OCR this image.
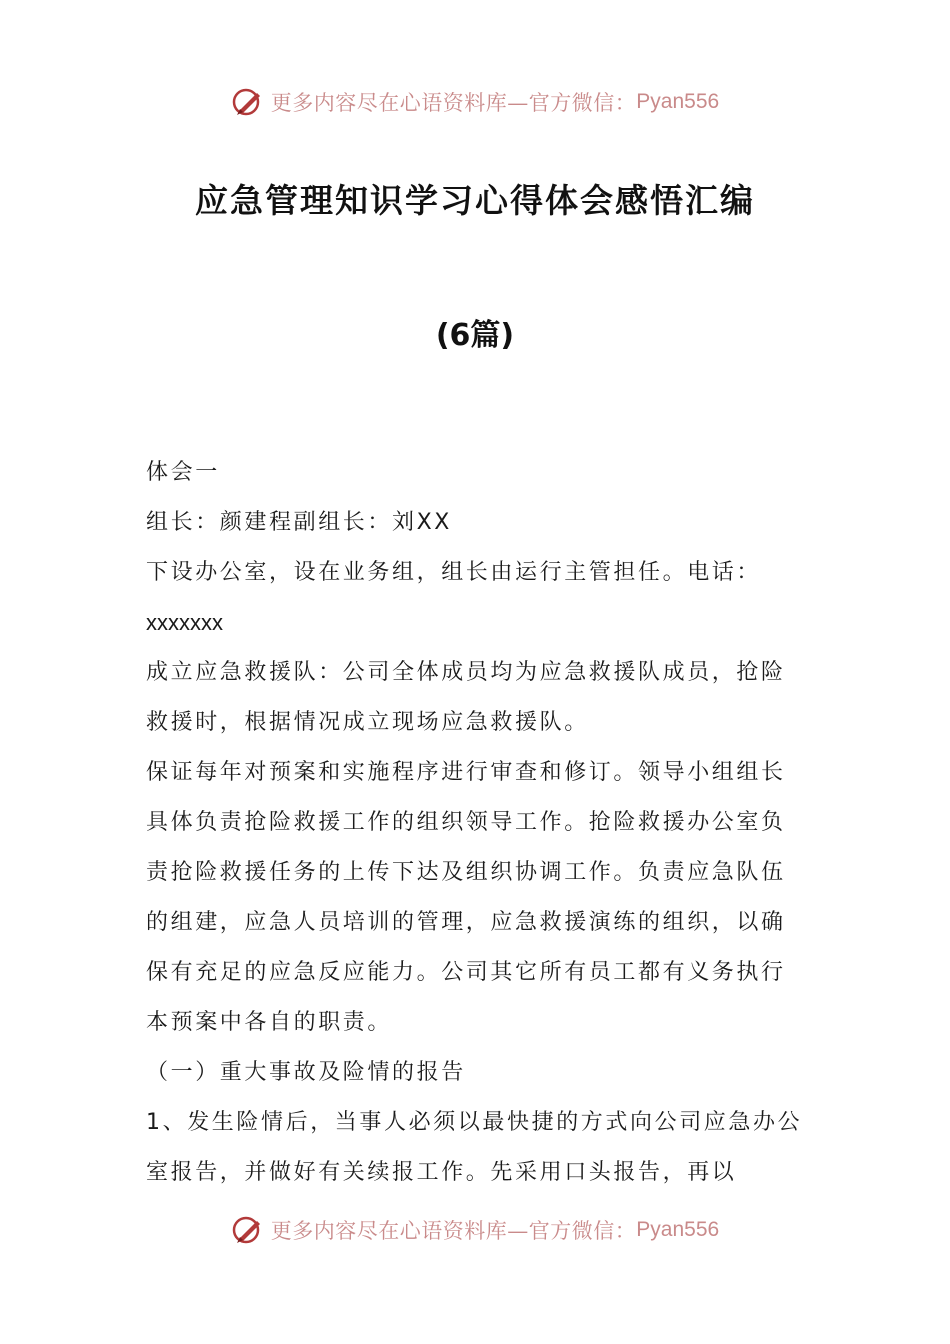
更多内容尽在心语资料库—官方微信： Pyan556
应急管理知识学习心得体会感悟汇编
(6篇)

体会一

组长：颜建程副组长：刘XX

下设办公室，设在业务组，组长由运行主管担任。电话：

xxxxxxx

成立应急救援队：公司全体成员均为应急救援队成员，抢险救援时，根据情况成立现场应急救援队。

保证每年对预案和实施程序进行审查和修订。领导小组组长具体负责抢险救援工作的组织领导工作。抢险救援办公室负责抢险救援任务的上传下达及组织协调工作。负责应急队伍的组建，应急人员培训的管理，应急救援演练的组织，以确保有充足的应急反应能力。公司其它所有员工都有义务执行本预案中各自的职责。

（一）重大事故及险情的报告

1、发生险情后，当事人必须以最快捷的方式向公司应急办公室报告，并做好有关续报工作。先采用口头报告，再以

更多内容尽在心语资料库—官方微信： Pyan556
